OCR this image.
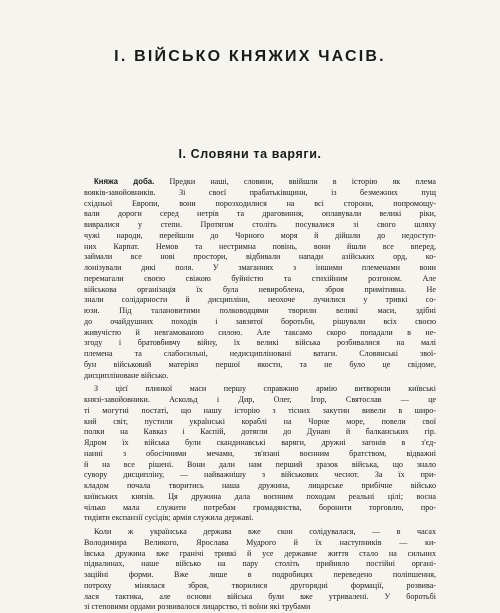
І. ВІЙСЬКО КНЯЖИХ ЧАСІВ.
І. Словяни та варяги.
Княжа доба. Предки наші, словяни, ввійшли в історію як плема
вояків-завойовників. Зі своєї прабатьківщини, із безмежних пущ
східньої Европи, вони порозходилися на всі сторони, попромощу-
вали дороги серед нетрів та драговиння, оплавували великі ріки,
вивралися у степи. Протягом століть посувалися зі свого шляху
чужі народи, перейшли до Чорного моря й дійшли до недоступ-
них Карпат. Немов та нестримна повінь, вони йшли все вперед,
займали все нові простори, відбивали напади азійських орд, ко-
лонізували дикі поля. У змаганнях з іншими племенами вони
перемагали своєю свіжою буйністю та стихійним розгоном. Але
військова організація їх була невиробленa, зброя примітивна. Не
знали солідарности й дисципліни, неохоче лучилися у тривкі со-
юзи. Під талановитими полководцями творили великі маси, здібні
до очайдушних походів і завзятої боротьби, рішували всіх своєю
живучістю й невгамованою силою. Але таксамо скоро попадали в не-
згоду і братовбивчу війну, їх великі війська розбивалися на малі
плeмена та слабосильні, недисципліновані ватаги. Словянські звої-
бун військовий матеріял першої якости, та не було це свідоме,
дисципліноване військо.
З цієї плинкої маси першу справжню армію витворили київські
князі-завойовники. Аскольд і Дир, Олег, Ігор, Святослав — це
ті могутні постаті, що нашу історію з тісних закутин вивели в широ-
кий світ, пустили українські кораблі на Чорне море, повели свої
полки на Кавказ і Каспій, дотягли до Дунаю й балканських гір.
Ядром їх війська були скандинавські варяги, дружні загонів в з'єд-
нанні з обосічними мечами, зв'язані воєнним братством, відважні
й на все рішені. Вони дали нам перший зразок війська, що знало
сувору дисципліну, — найважнішу з військових чеснот. За їх при-
кладом почала творитись наша дружина, лицарське прибічне військо
київських князів. Ця дружина дала воєнним походам реальні цілі; восна
чілько мала служити потребам громадянства, боронити торговлю, про-
тидіяти експанзії сусідів; армія служила державі.
Коли ж українська держава вже скон солідувалася, — в часах
Володимира Великого, Ярослава Мудрого й їх наступників — ки-
ївська дружина вже гранiчі тривкі й усе державне життя стало на сильних
підвалинах, наше військо на пару століть прийняло постійні органі-
заційні форми. Вже лише в подробицях переведено поліпшення,
потроху мінялася зброя, творилися другорядні формації, розвива-
лася тактика, але основи війська були вже утривалені. У боротьбі
зі степовими ордами розвивалося лицарство, ті воїни які трубами
